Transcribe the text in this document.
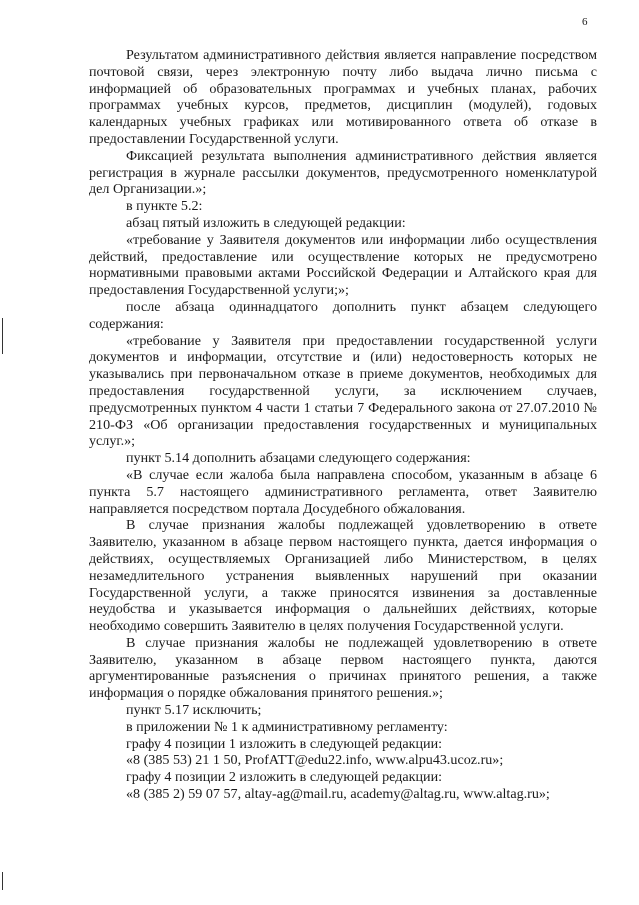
6

Результатом административного действия является направление посредством почтовой связи, через электронную почту либо выдача лично письма с информацией об образовательных программах и учебных планах, рабочих программах учебных курсов, предметов, дисциплин (модулей), годовых календарных учебных графиках или мотивированного ответа об отказе в предоставлении Государственной услуги.

Фиксацией результата выполнения административного действия является регистрация в журнале рассылки документов, предусмотренного номенклатурой дел Организации.»;

в пункте 5.2:

абзац пятый изложить в следующей редакции:

«требование у Заявителя документов или информации либо осуществления действий, предоставление или осуществление которых не предусмотрено нормативными правовыми актами Российской Федерации и Алтайского края для предоставления Государственной услуги;»;

после абзаца одиннадцатого дополнить пункт абзацем следующего содержания:

«требование у Заявителя при предоставлении государственной услуги документов и информации, отсутствие и (или) недостоверность которых не указывались при первоначальном отказе в приеме документов, необходимых для предоставления государственной услуги, за исключением случаев, предусмотренных пунктом 4 части 1 статьи 7 Федерального закона от 27.07.2010 № 210-ФЗ «Об организации предоставления государственных и муниципальных услуг.»;

пункт 5.14 дополнить абзацами следующего содержания:

«В случае если жалоба была направлена способом, указанным в абзаце 6 пункта 5.7 настоящего административного регламента, ответ Заявителю направляется посредством портала Досудебного обжалования.

В случае признания жалобы подлежащей удовлетворению в ответе Заявителю, указанном в абзаце первом настоящего пункта, дается информация о действиях, осуществляемых Организацией либо Министерством, в целях незамедлительного устранения выявленных нарушений при оказании Государственной услуги, а также приносятся извинения за доставленные неудобства и указывается информация о дальнейших действиях, которые необходимо совершить Заявителю в целях получения Государственной услуги.

В случае признания жалобы не подлежащей удовлетворению в ответе Заявителю, указанном в абзаце первом настоящего пункта, даются аргументированные разъяснения о причинах принятого решения, а также информация о порядке обжалования принятого решения.»;

пункт 5.17 исключить;

в приложении № 1 к административному регламенту:

графу 4 позиции 1 изложить в следующей редакции:

«8 (385 53) 21 1 50, ProfATT@edu22.info, www.alpu43.ucoz.ru»;

графу 4 позиции 2 изложить в следующей редакции:

«8 (385 2) 59 07 57, altay-ag@mail.ru, academy@altag.ru, www.altag.ru»;
